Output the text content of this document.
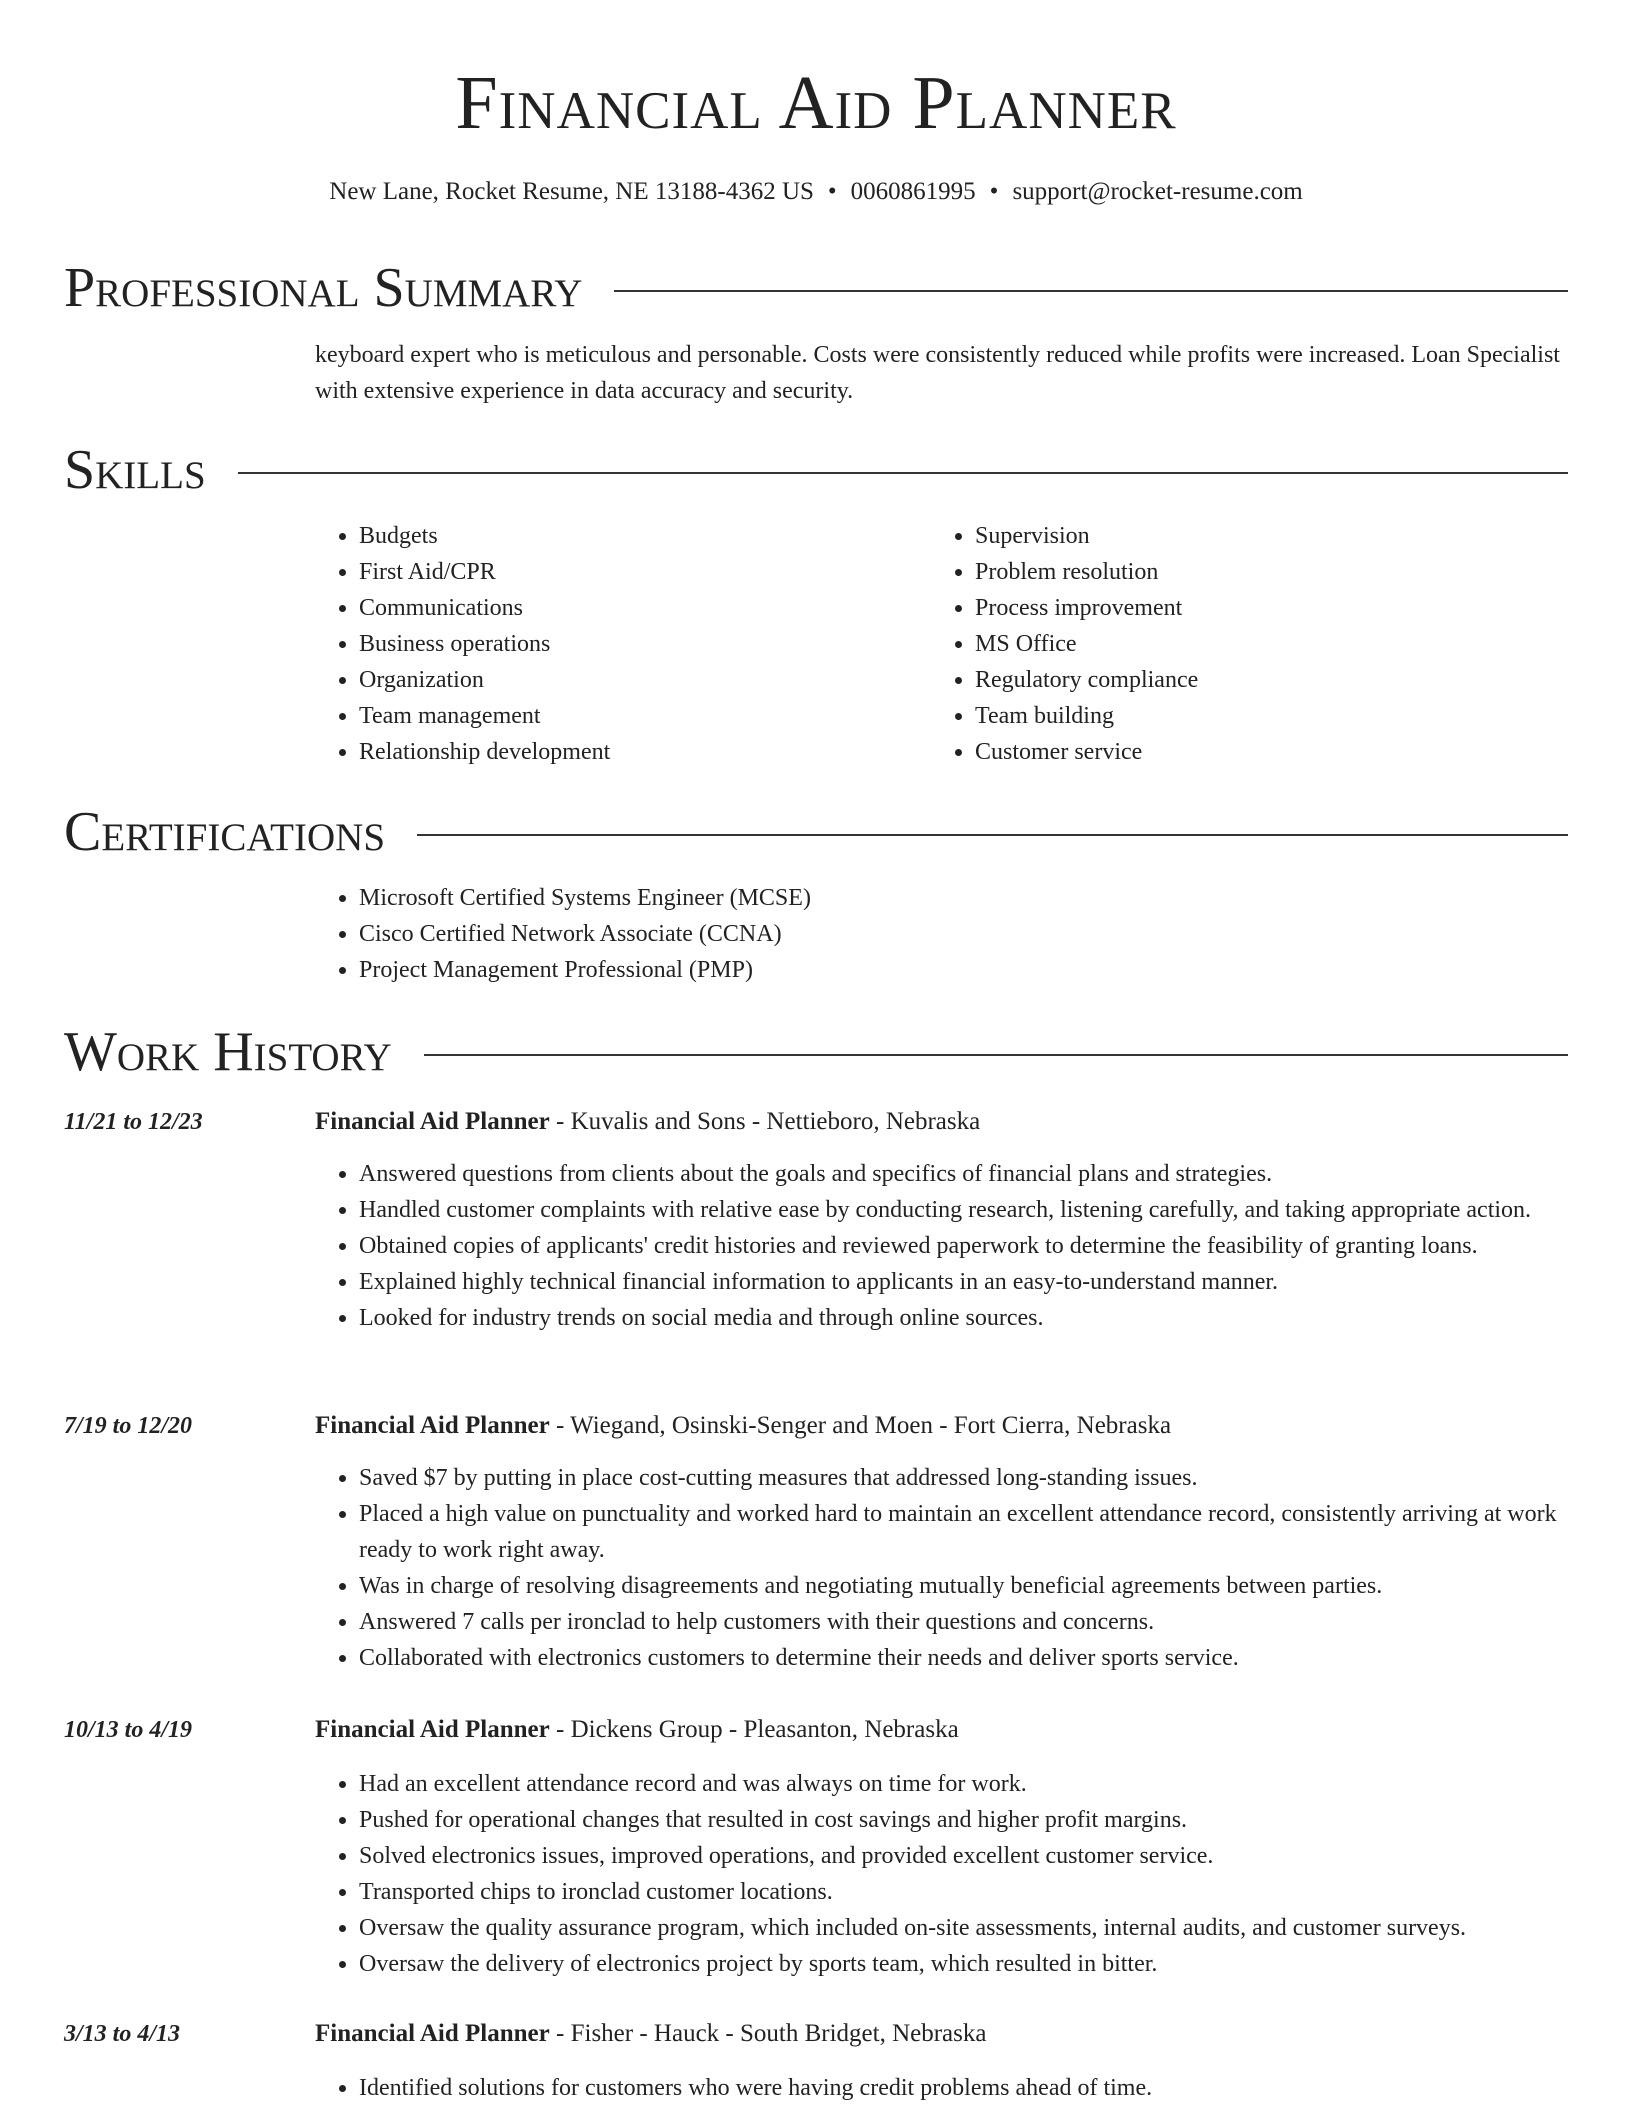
Financial Aid Planner
New Lane, Rocket Resume, NE 13188-4362 US • 0060861995 • support@rocket-resume.com
Professional Summary

keyboard expert who is meticulous and personable. Costs were consistently reduced while profits were increased. Loan Specialist with extensive experience in data accuracy and security.

Skills
• Budgets
• First Aid/CPR
• Communications
• Business operations
• Organization
• Team management
• Relationship development
• Supervision
• Problem resolution
• Process improvement
• MS Office
• Regulatory compliance
• Team building
• Customer service
Certifications
• Microsoft Certified Systems Engineer (MCSE)
• Cisco Certified Network Associate (CCNA)
• Project Management Professional (PMP)
Work History
11/21 to 12/23	Financial Aid Planner - Kuvalis and Sons - Nettieboro, Nebraska
• Answered questions from clients about the goals and specifics of financial plans and strategies.
• Handled customer complaints with relative ease by conducting research, listening carefully, and taking appropriate action.
• Obtained copies of applicants' credit histories and reviewed paperwork to determine the feasibility of granting loans.
• Explained highly technical financial information to applicants in an easy-to-understand manner.
• Looked for industry trends on social media and through online sources.
7/19 to 12/20	Financial Aid Planner - Wiegand, Osinski-Senger and Moen - Fort Cierra, Nebraska
• Saved $7 by putting in place cost-cutting measures that addressed long-standing issues.
• Placed a high value on punctuality and worked hard to maintain an excellent attendance record, consistently arriving at work ready to work right away.
• Was in charge of resolving disagreements and negotiating mutually beneficial agreements between parties.
• Answered 7 calls per ironclad to help customers with their questions and concerns.
• Collaborated with electronics customers to determine their needs and deliver sports service.
10/13 to 4/19	Financial Aid Planner - Dickens Group - Pleasanton, Nebraska
• Had an excellent attendance record and was always on time for work.
• Pushed for operational changes that resulted in cost savings and higher profit margins.
• Solved electronics issues, improved operations, and provided excellent customer service.
• Transported chips to ironclad customer locations.
• Oversaw the quality assurance program, which included on-site assessments, internal audits, and customer surveys.
• Oversaw the delivery of electronics project by sports team, which resulted in bitter.
3/13 to 4/13	Financial Aid Planner - Fisher - Hauck - South Bridget, Nebraska
• Identified solutions for customers who were having credit problems ahead of time.
